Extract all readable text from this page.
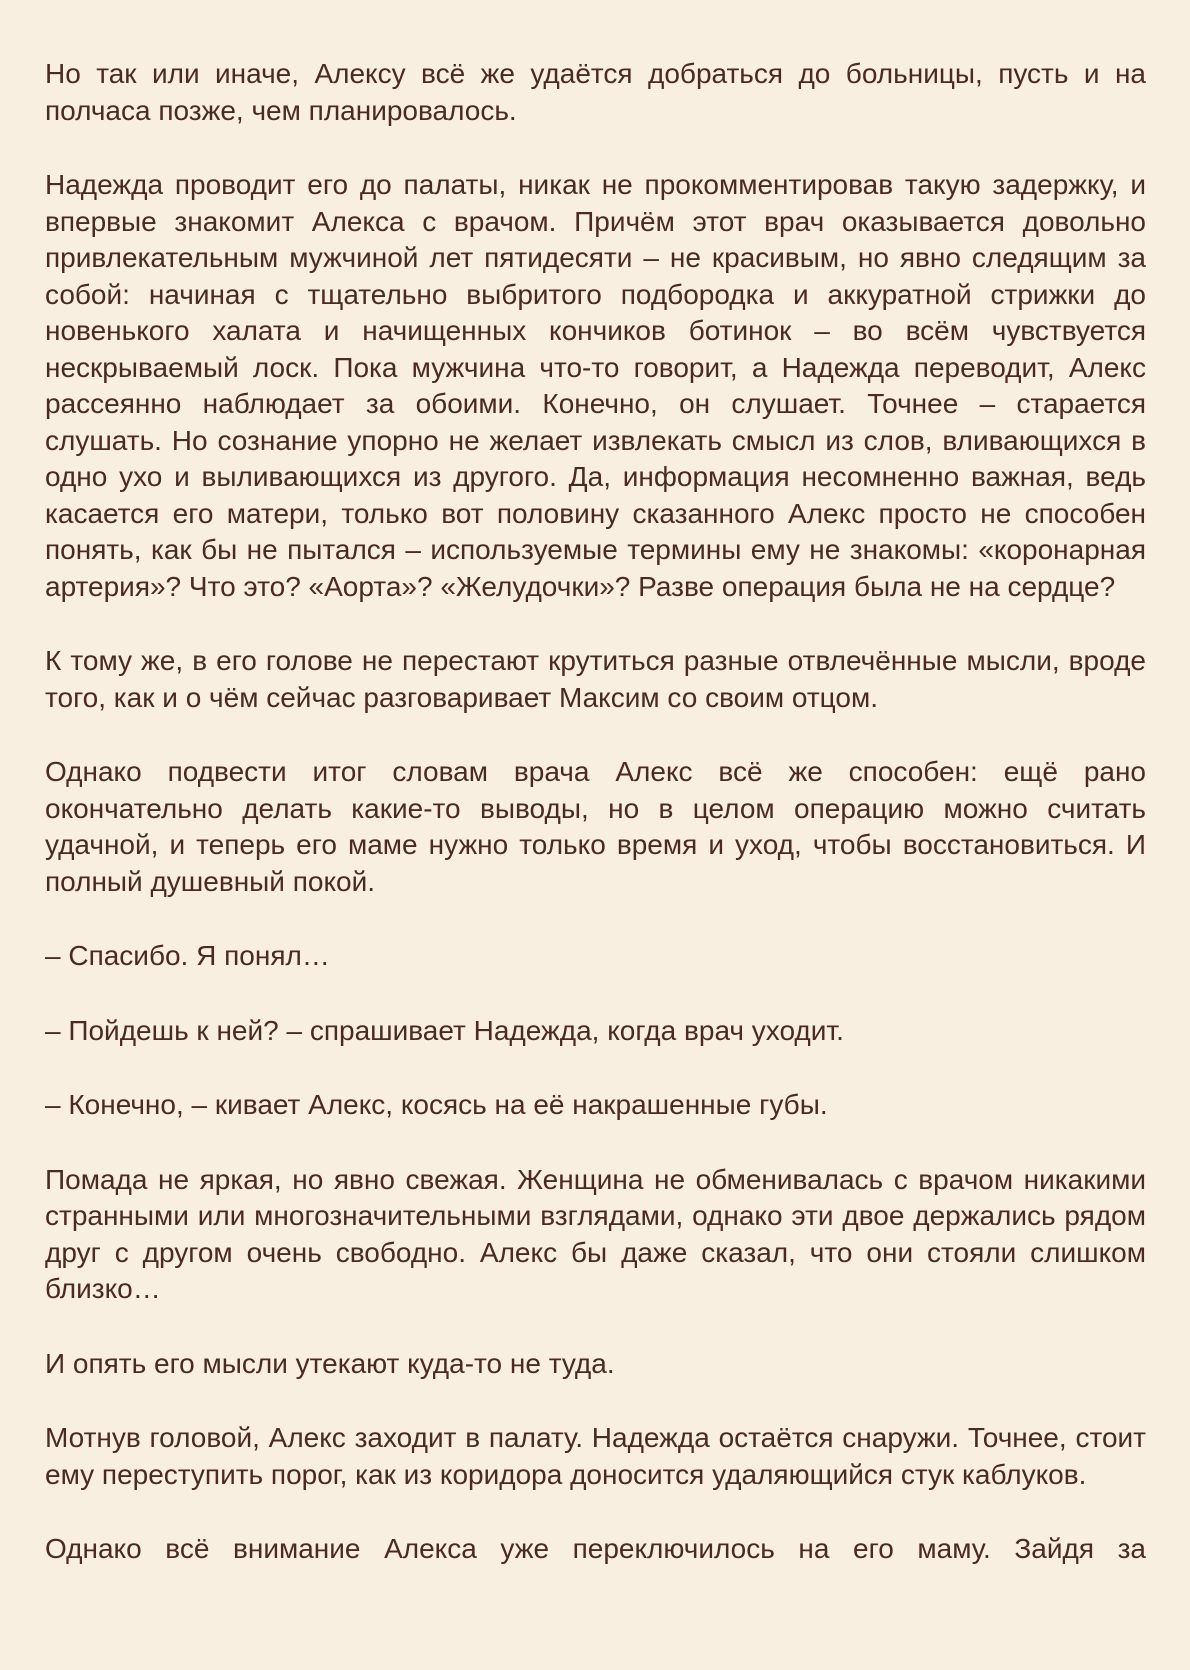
Но так или иначе, Алексу всё же удаётся добраться до больницы, пусть и на полчаса позже, чем планировалось.

Надежда проводит его до палаты, никак не прокомментировав такую задержку, и впервые знакомит Алекса с врачом. Причём этот врач оказывается довольно привлекательным мужчиной лет пятидесяти – не красивым, но явно следящим за собой: начиная с тщательно выбритого подбородка и аккуратной стрижки до новенького халата и начищенных кончиков ботинок – во всём чувствуется нескрываемый лоск. Пока мужчина что-то говорит, а Надежда переводит, Алекс рассеянно наблюдает за обоими. Конечно, он слушает. Точнее – старается слушать. Но сознание упорно не желает извлекать смысл из слов, вливающихся в одно ухо и выливающихся из другого. Да, информация несомненно важная, ведь касается его матери, только вот половину сказанного Алекс просто не способен понять, как бы не пытался – используемые термины ему не знакомы: «коронарная артерия»? Что это? «Аорта»? «Желудочки»? Разве операция была не на сердце?

К тому же, в его голове не перестают крутиться разные отвлечённые мысли, вроде того, как и о чём сейчас разговаривает Максим со своим отцом.

Однако подвести итог словам врача Алекс всё же способен: ещё рано окончательно делать какие-то выводы, но в целом операцию можно считать удачной, и теперь его маме нужно только время и уход, чтобы восстановиться. И полный душевный покой.

– Спасибо. Я понял…

– Пойдешь к ней? – спрашивает Надежда, когда врач уходит.

– Конечно, – кивает Алекс, косясь на её накрашенные губы.

Помада не яркая, но явно свежая. Женщина не обменивалась с врачом никакими странными или многозначительными взглядами, однако эти двое держались рядом друг с другом очень свободно. Алекс бы даже сказал, что они стояли слишком близко…

И опять его мысли утекают куда-то не туда.

Мотнув головой, Алекс заходит в палату. Надежда остаётся снаружи. Точнее, стоит ему переступить порог, как из коридора доносится удаляющийся стук каблуков.

Однако всё внимание Алекса уже переключилось на его маму. Зайдя за
